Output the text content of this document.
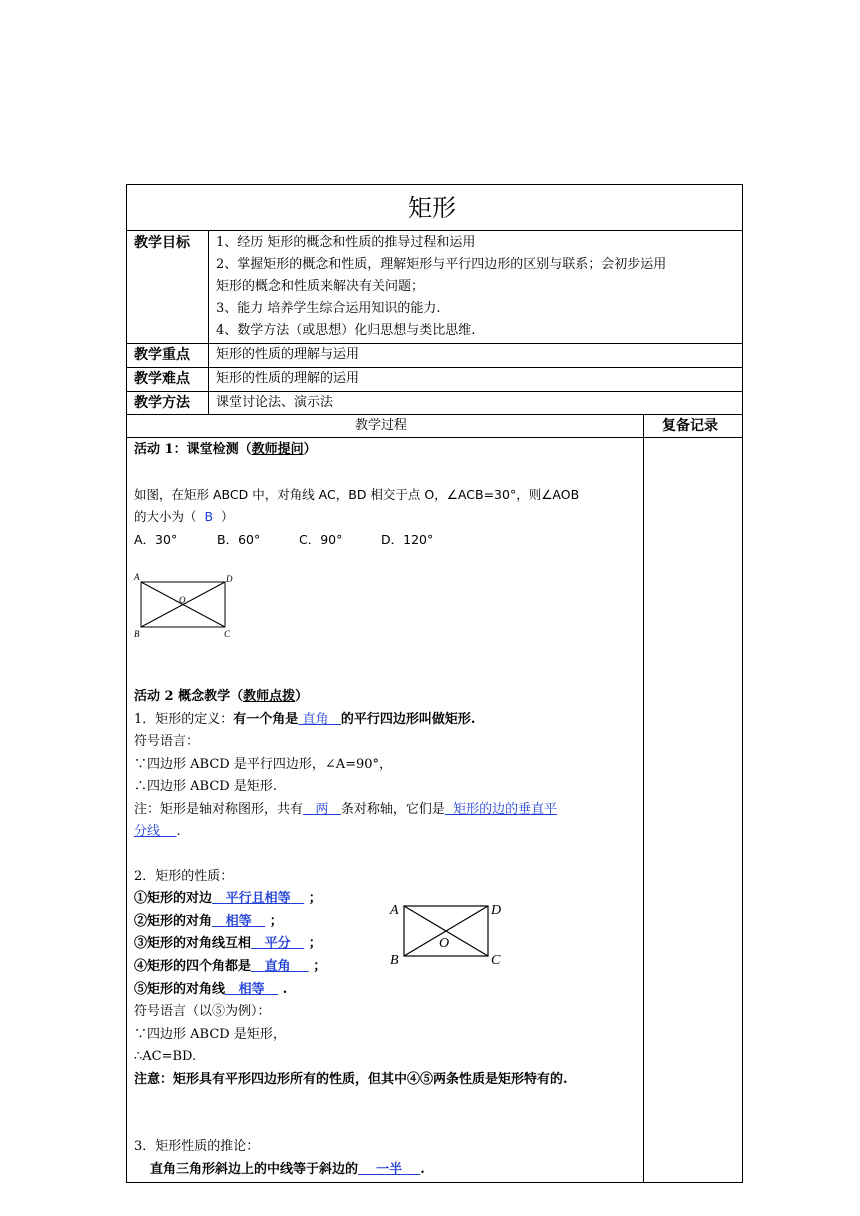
矩形
教学目标 1、经历 矩形的概念和性质的推导过程和运用
2、掌握矩形的概念和性质，理解矩形与平行四边形的区别与联系；会初步运用
矩形的概念和性质来解决有关问题；
3、能力 培养学生综合运用知识的能力.
4、数学方法（或思想）化归思想与类比思维.
教学重点 矩形的性质的理解与运用
教学难点 矩形的性质的理解的运用
教学方法 课堂讨论法、演示法
教学过程	复备记录
活动 1：课堂检测（教师提问）
如图，在矩形 ABCD 中，对角线 AC，BD 相交于点 O，∠ACB=30°，则∠AOB
的大小为（ B ）
A．30°	B．60°	C．90°	D．120°
A	D
O
B	C
活动 2 概念教学（教师点拨）
1．矩形的定义：有一个角是 直角 的平行四边形叫做矩形.
符号语言：
∵四边形 ABCD 是平行四边形，∠A=90°，
∴四边形 ABCD 是矩形.
注：矩形是轴对称图形，共有 两 条对称轴，它们是 矩形的边的垂直平
分线 .
2．矩形的性质：
①矩形的对边 平行且相等 ；
②矩形的对角 相等 ；
③矩形的对角线互相 平分 ；
④矩形的四个角都是 直角 ；
⑤矩形的对角线 相等 .
A	D
O
B	C
符号语言（以⑤为例）：
∵四边形 ABCD 是矩形，
∴AC=BD.
注意：矩形具有平形四边形所有的性质，但其中④⑤两条性质是矩形特有的.
3．矩形性质的推论：
直角三角形斜边上的中线等于斜边的 一半 .
